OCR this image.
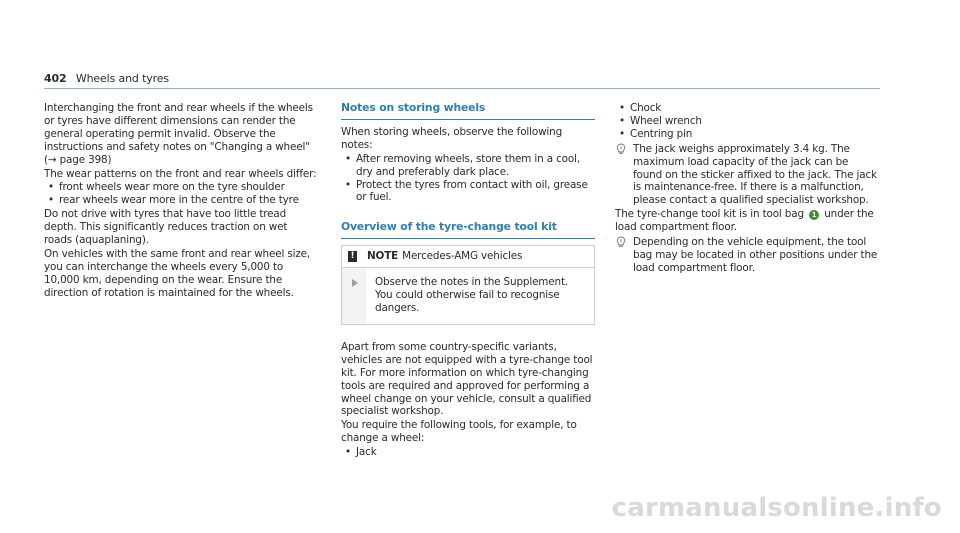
402 Wheels and tyres

Interchanging the front and rear wheels if the wheels or tyres have different dimensions can render the general operating permit invalid. Observe the instructions and safety notes on "Changing a wheel" (→ page 398)

The wear patterns on the front and rear wheels differ:

• front wheels wear more on the tyre shoulder
• rear wheels wear more in the centre of the tyre

Do not drive with tyres that have too little tread depth. This significantly reduces traction on wet roads (aquaplaning).

On vehicles with the same front and rear wheel size, you can interchange the wheels every 5,000 to 10,000 km, depending on the wear. Ensure the direction of rotation is maintained for the wheels.

Notes on storing wheels

When storing wheels, observe the following notes:

• After removing wheels, store them in a cool, dry and preferably dark place.
• Protect the tyres from contact with oil, grease or fuel.
Overview of the tyre-change tool kit
! NOTE Mercedes-AMG vehicles
Observe the notes in the Supplement. You could otherwise fail to recognise dangers.

Apart from some country-specific variants, vehicles are not equipped with a tyre-change tool kit. For more information on which tyre-changing tools are required and approved for performing a wheel change on your vehicle, consult a qualified specialist workshop.

You require the following tools, for example, to change a wheel:

• Jack
• Chock
• Wheel wrench
• Centring pin
The jack weighs approximately 3.4 kg. The maximum load capacity of the jack can be found on the sticker affixed to the jack. The jack is maintenance-free. If there is a malfunction, please contact a qualified specialist workshop.

The tyre-change tool kit is in tool bag 1 under the load compartment floor.

Depending on the vehicle equipment, the tool bag may be located in other positions under the load compartment floor.
carmanualsonline.info
